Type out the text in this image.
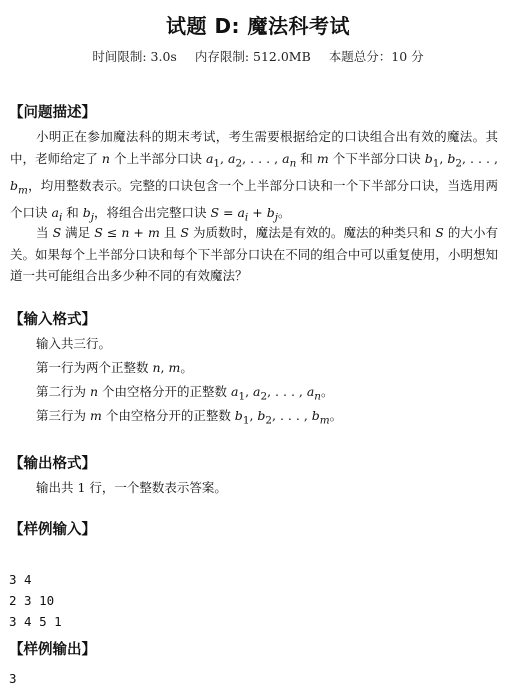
试题 D: 魔法科考试
时间限制: 3.0s 内存限制: 512.0MB 本题总分：10 分
【问题描述】
小明正在参加魔法科的期末考试，考生需要根据给定的口诀组合出有效的魔法。其中，老师给定了 n 个上半部分口诀 $a_1$, $a_2$, . . . , $a_n$ 和 m 个下半部分口诀 $b_1$, $b_2$, . . . , $b_m$，均用整数表示。完整的口诀包含一个上半部分口诀和一个下半部分口诀，当选用两个口诀 $a_i$ 和 $b_j$，将组合出完整口诀 $S = a_i + b_j$。
当 S 满足 S ≤ n + m 且 S 为质数时，魔法是有效的。魔法的种类只和 S 的大小有关。如果每个上半部分口诀和每个下半部分口诀在不同的组合中可以重复使用，小明想知道一共可能组合出多少种不同的有效魔法？
【输入格式】
输入共三行。
第一行为两个正整数 n, m。
第二行为 n 个由空格分开的正整数 $a_1$, $a_2$, . . . , $a_n$。
第三行为 m 个由空格分开的正整数 $b_1$, $b_2$, . . . , $b_m$。
【输出格式】
输出共 1 行，一个整数表示答案。
【样例输入】

3 4
2 3 10
3 4 5 1
【样例输出】
3
